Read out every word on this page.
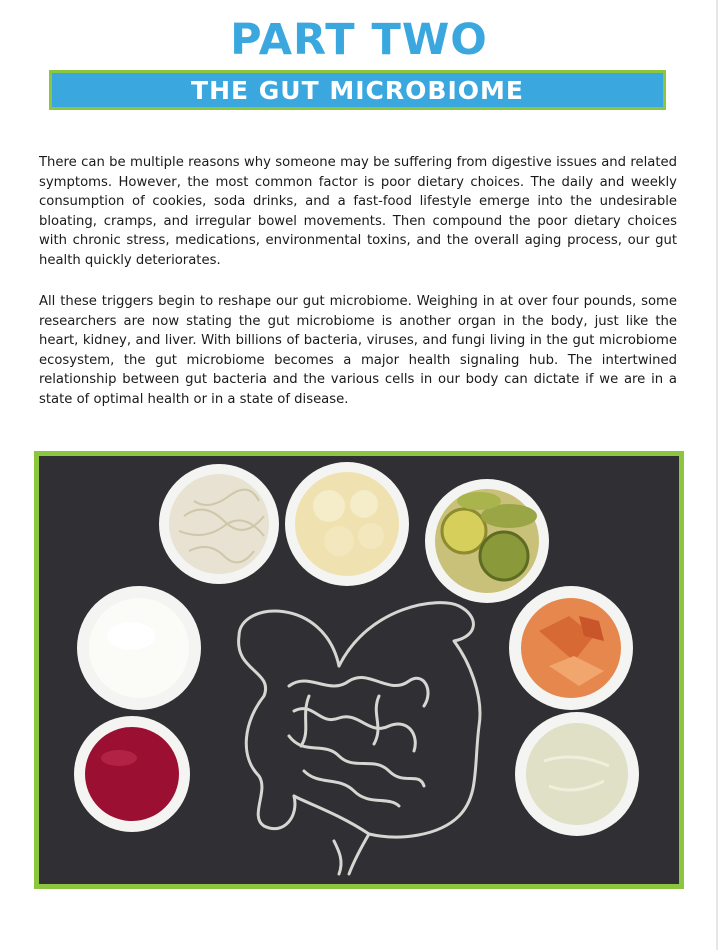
PART TWO
THE GUT MICROBIOME

There can be multiple reasons why someone may be suffering from digestive issues and related symptoms. However, the most common factor is poor dietary choices. The daily and weekly consumption of cookies, soda drinks, and a fast-food lifestyle emerge into the undesirable bloating, cramps, and irregular bowel movements. Then compound the poor dietary choices with chronic stress, medications, environmental toxins, and the overall aging process, our gut health quickly deteriorates.

All these triggers begin to reshape our gut microbiome. Weighing in at over four pounds, some researchers are now stating the gut microbiome is another organ in the body, just like the heart, kidney, and liver. With billions of bacteria, viruses, and fungi living in the gut microbiome ecosystem, the gut microbiome becomes a major health signaling hub. The intertwined relationship between gut bacteria and the various cells in our body can dictate if we are in a state of optimal health or in a state of disease.
